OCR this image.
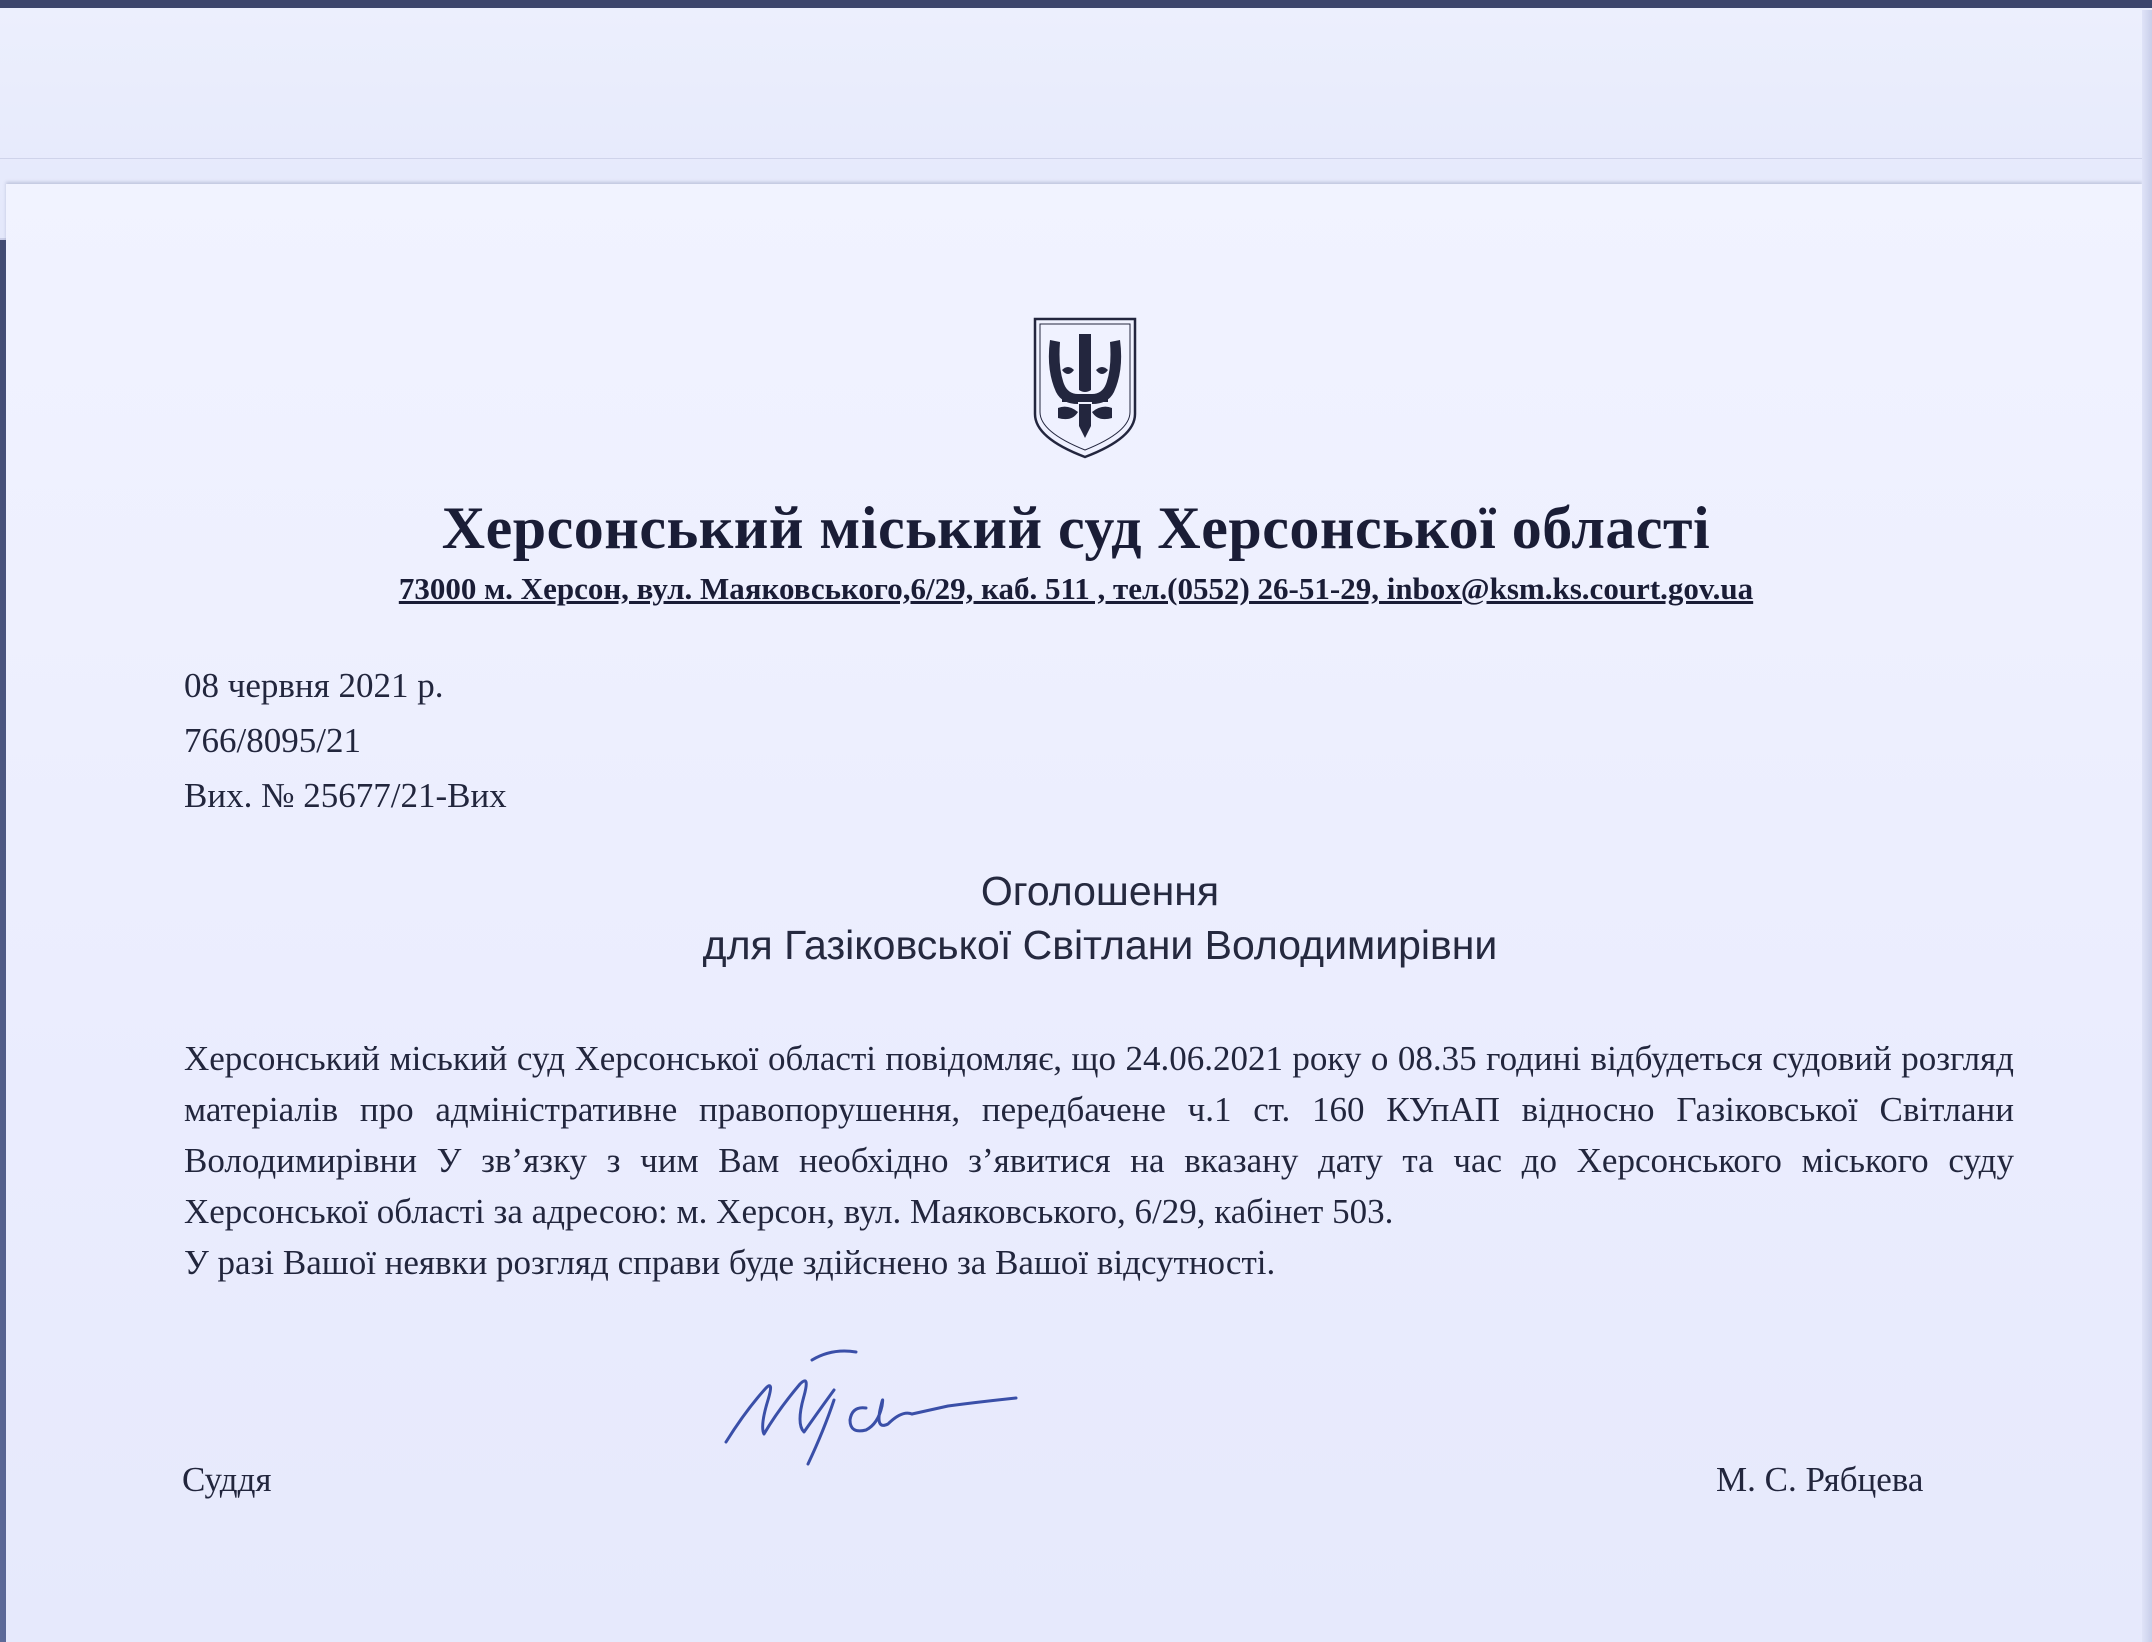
Херсонський міський суд Херсонської області
73000 м. Херсон, вул. Маяковського,6/29, каб. 511 , тел.(0552) 26-51-29, inbox@ksm.ks.court.gov.ua
08 червня 2021 р.
766/8095/21
Вих. № 25677/21-Вих
Оголошення
для Газіковської Світлани Володимирівни

Херсонський міський суд Херсонської області повідомляє, що 24.06.2021 року о 08.35 годині відбудеться судовий розгляд матеріалів про адміністративне правопорушення, передбачене ч.1 ст. 160 КУпАП відносно Газіковської Світлани Володимирівни У зв’язку з чим Вам необхідно з’явитися на вказану дату та час до Херсонського міського суду Херсонської області за адресою: м. Херсон, вул. Маяковського, 6/29, кабінет 503.

У разі Вашої неявки розгляд справи буде здійснено за Вашої відсутності.

Суддя	М. С. Рябцева
